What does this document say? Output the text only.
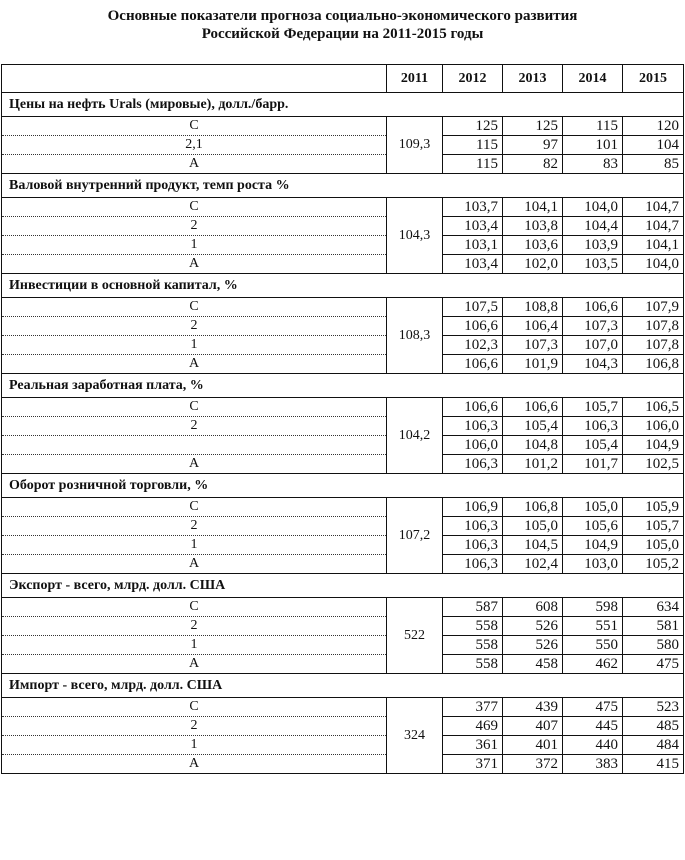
Основные показатели прогноза социально-экономического развития
Российской Федерации на 2011-2015 годы
	2011	2012	2013	2014	2015
Цены на нефть Urals (мировые), долл./барр.					
С	109,3	125	125	115	120
2,1		115	97	101	104
А		115	82	83	85
Валовой внутренний продукт, темп роста %					
С	104,3	103,7	104,1	104,0	104,7
2		103,4	103,8	104,4	104,7
1		103,1	103,6	103,9	104,1
А		103,4	102,0	103,5	104,0
Инвестиции в основной капитал, %					
С	108,3	107,5	108,8	106,6	107,9
2		106,6	106,4	107,3	107,8
1		102,3	107,3	107,0	107,8
А		106,6	101,9	104,3	106,8
Реальная заработная плата, %					
С	104,2	106,6	106,6	105,7	106,5
2		106,3	105,4	106,3	106,0
		106,0	104,8	105,4	104,9
А		106,3	101,2	101,7	102,5
Оборот розничной торговли, %					
С	107,2	106,9	106,8	105,0	105,9
2		106,3	105,0	105,6	105,7
1		106,3	104,5	104,9	105,0
А		106,3	102,4	103,0	105,2
Экспорт - всего, млрд. долл. США					
С	522	587	608	598	634
2		558	526	551	581
1		558	526	550	580
А		558	458	462	475
Импорт - всего, млрд. долл. США					
С	324	377	439	475	523
2		469	407	445	485
1		361	401	440	484
А		371	372	383	415
